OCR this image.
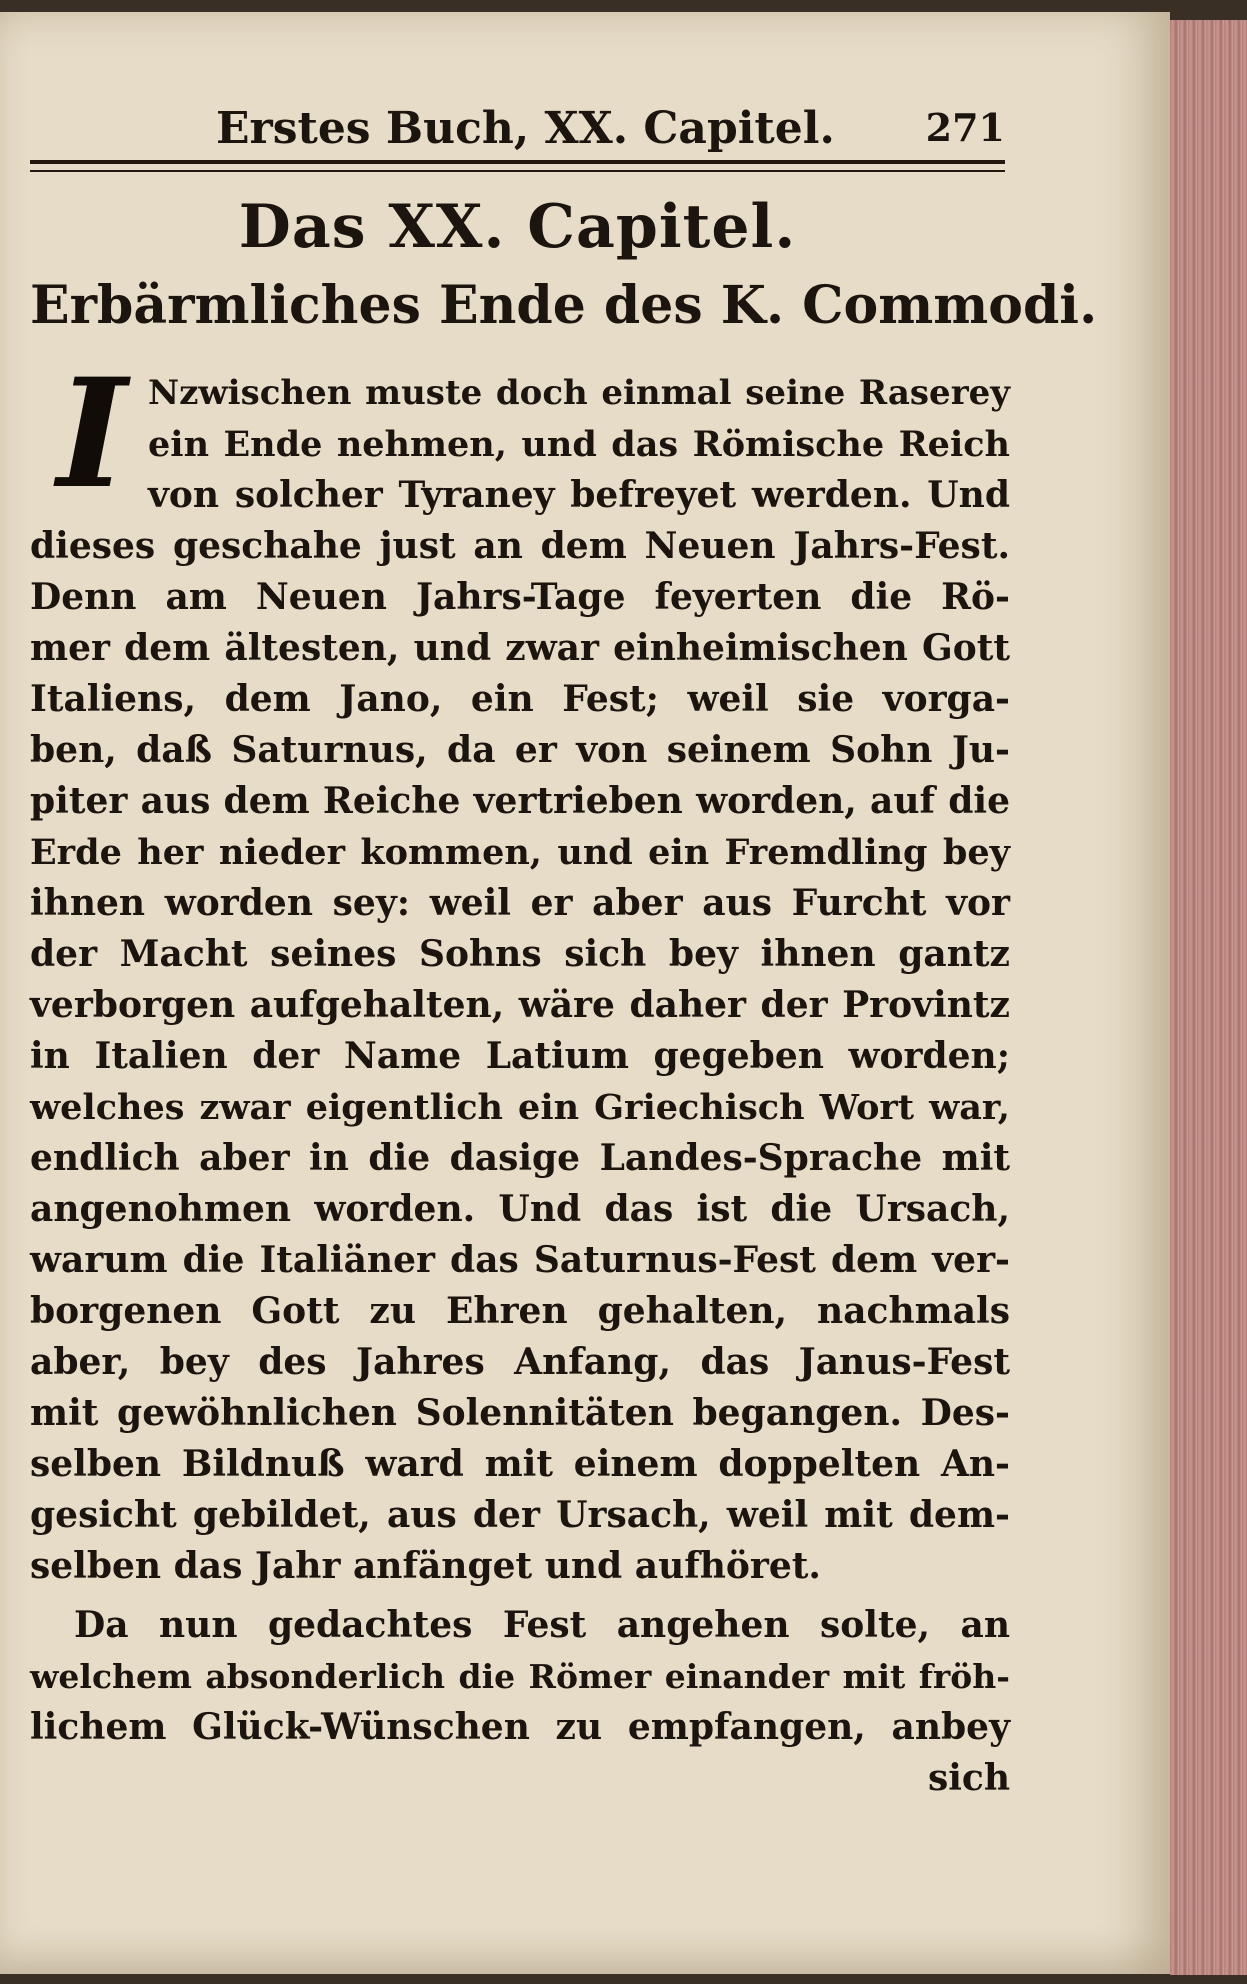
Erstes Buch, XX. Capitel.	271
Das XX. Capitel.
Erbärmliches Ende des K. Commodi.
I Nzwischen muste doch einmal seine Raserey
ein Ende nehmen, und das Römische Reich
von solcher Tyraney befreyet werden. Und
dieses geschahe just an dem Neuen Jahrs-Fest.
Denn am Neuen Jahrs-Tage feyerten die Rö-
mer dem ältesten, und zwar einheimischen Gott
Italiens, dem Jano, ein Fest; weil sie vorga-
ben, daß Saturnus, da er von seinem Sohn Ju-
piter aus dem Reiche vertrieben worden, auf die
Erde her nieder kommen, und ein Fremdling bey
ihnen worden sey: weil er aber aus Furcht vor
der Macht seines Sohns sich bey ihnen gantz
verborgen aufgehalten, wäre daher der Provintz
in Italien der Name Latium gegeben worden;
welches zwar eigentlich ein Griechisch Wort war,
endlich aber in die dasige Landes-Sprache mit
angenohmen worden. Und das ist die Ursach,
warum die Italiäner das Saturnus-Fest dem ver-
borgenen Gott zu Ehren gehalten, nachmals
aber, bey des Jahres Anfang, das Janus-Fest
mit gewöhnlichen Solennitäten begangen. Des-
selben Bildnuß ward mit einem doppelten An-
gesicht gebildet, aus der Ursach, weil mit dem-
selben das Jahr anfänget und aufhöret.
Da nun gedachtes Fest angehen solte, an
welchem absonderlich die Römer einander mit fröh-
lichem Glück-Wünschen zu empfangen, anbey
sich
